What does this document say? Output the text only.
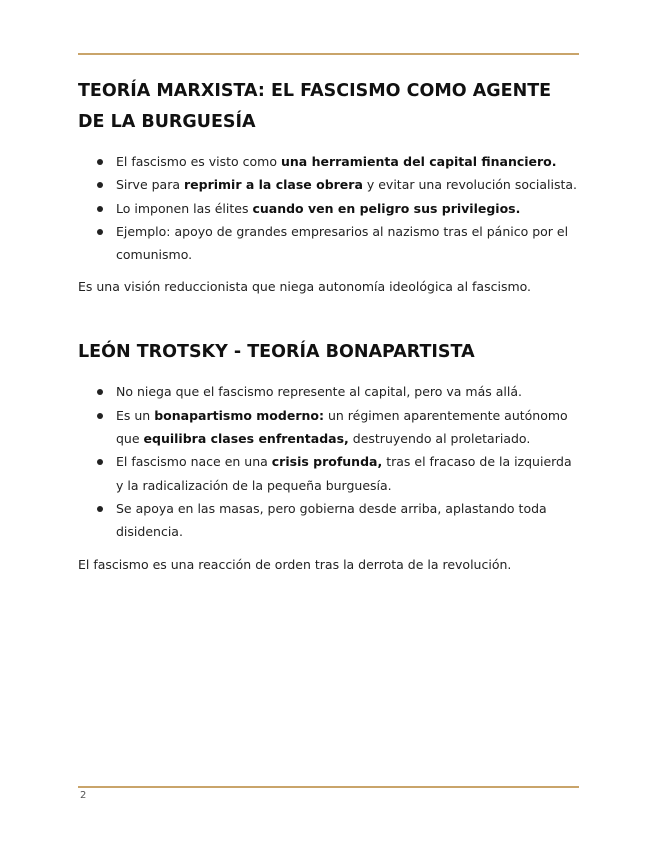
TEORÍA MARXISTA: EL FASCISMO COMO AGENTE DE LA BURGUESÍA
El fascismo es visto como una herramienta del capital financiero.
Sirve para reprimir a la clase obrera y evitar una revolución socialista.
Lo imponen las élites cuando ven en peligro sus privilegios.
Ejemplo: apoyo de grandes empresarios al nazismo tras el pánico por el comunismo.

Es una visión reduccionista que niega autonomía ideológica al fascismo.

LEÓN TROTSKY - TEORÍA BONAPARTISTA
No niega que el fascismo represente al capital, pero va más allá.
Es un bonapartismo moderno: un régimen aparentemente autónomo que equilibra clases enfrentadas, destruyendo al proletariado.
El fascismo nace en una crisis profunda, tras el fracaso de la izquierda y la radicalización de la pequeña burguesía.
Se apoya en las masas, pero gobierna desde arriba, aplastando toda disidencia.

El fascismo es una reacción de orden tras la derrota de la revolución.

2
